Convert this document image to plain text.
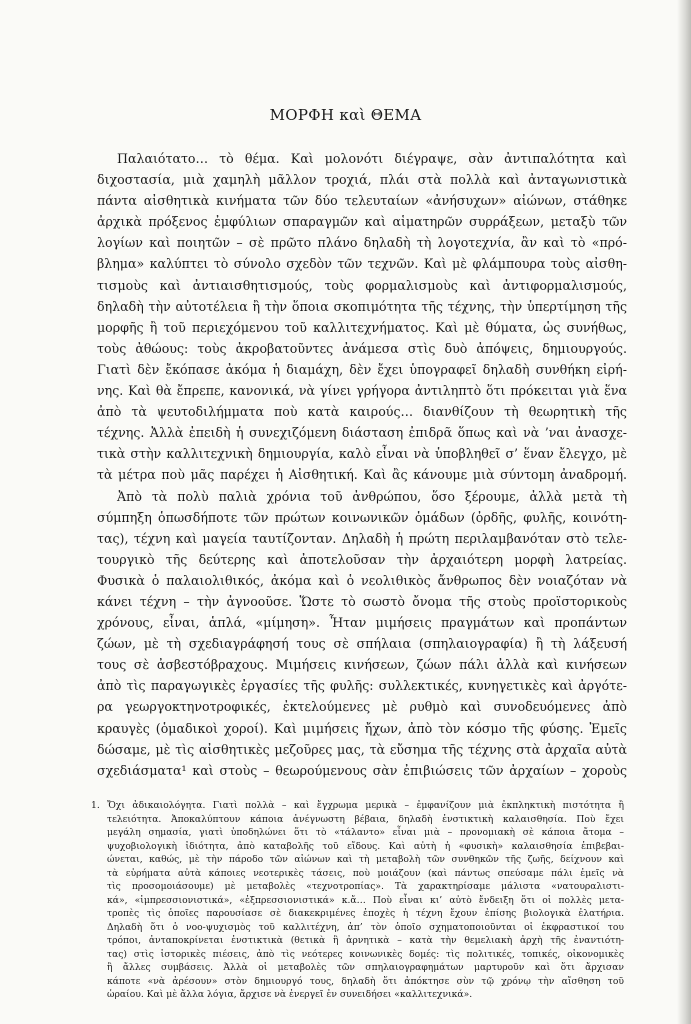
ΜΟΡΦΗ καὶ ΘΕΜΑ
Παλαιότατο… τὸ θέμα. Καὶ μολονότι διέγραψε, σὰν ἀντιπαλότητα καὶ
διχοστασία, μιὰ χαμηλὴ μᾶλλον τροχιά, πλάι στὰ πολλὰ καὶ ἀνταγωνιστικὰ
πάντα αἰσθητικὰ κινήματα τῶν δύο τελευταίων «ἀνήσυχων» αἰώνων, στάθηκε
ἀρχικὰ πρόξενος ἐμφύλιων σπαραγμῶν καὶ αἱματηρῶν συρράξεων, μεταξὺ τῶν
λογίων καὶ ποιητῶν – σὲ πρῶτο πλάνο δηλαδὴ τὴ λογοτεχνία, ἂν καὶ τὸ «πρό-
βλημα» καλύπτει τὸ σύνολο σχεδὸν τῶν τεχνῶν. Καὶ μὲ φλάμπουρα τοὺς αἰσθη-
τισμοὺς καὶ ἀντιαισθητισμούς, τοὺς φορμαλισμοὺς καὶ ἀντιφορμαλισμούς,
δηλαδὴ τὴν αὐτοτέλεια ἢ τὴν ὅποια σκοπιμότητα τῆς τέχνης, τὴν ὑπερτίμηση τῆς
μορφῆς ἢ τοῦ περιεχόμενου τοῦ καλλιτεχνήματος. Καὶ μὲ θύματα, ὡς συνήθως,
τοὺς ἀθώους: τοὺς ἀκροβατοῦντες ἀνάμεσα στὶς δυὸ ἀπόψεις, δημιουργούς.
Γιατὶ δὲν ἔκόπασε ἀκόμα ἡ διαμάχη, δὲν ἔχει ὑπογραφεῖ δηλαδὴ συνθήκη εἰρή-
νης. Καὶ θὰ ἔπρεπε, κανονικά, νὰ γίνει γρήγορα ἀντιληπτὸ ὅτι πρόκειται γιὰ ἕνα
ἀπὸ τὰ ψευτοδιλήμματα ποὺ κατὰ καιρούς… διανθίζουν τὴ θεωρητικὴ τῆς
τέχνης. Ἀλλὰ ἐπειδὴ ἡ συνεχιζόμενη διάσταση ἐπιδρᾶ ὅπως καὶ νὰ ’ναι ἀνασχε-
τικὰ στὴν καλλιτεχνικὴ δημιουργία, καλὸ εἶναι νὰ ὑποβληθεῖ σ’ ἕναν ἔλεγχο, μὲ
τὰ μέτρα ποὺ μᾶς παρέχει ἡ Αἰσθητική. Καὶ ἂς κάνουμε μιὰ σύντομη ἀναδρομή.
Ἀπὸ τὰ πολὺ παλιὰ χρόνια τοῦ ἀνθρώπου, ὅσο ξέρουμε, ἀλλὰ μετὰ τὴ
σύμπηξη ὁπωσδήποτε τῶν πρώτων κοινωνικῶν ὁμάδων (ὀρδῆς, φυλῆς, κοινότη-
τας), τέχνη καὶ μαγεία ταυτίζονταν. Δηλαδὴ ἡ πρώτη περιλαμβανόταν στὸ τελε-
τουργικὸ τῆς δεύτερης καὶ ἀποτελοῦσαν τὴν ἀρχαιότερη μορφὴ λατρείας.
Φυσικὰ ὁ παλαιολιθικός, ἀκόμα καὶ ὁ νεολιθικὸς ἄνθρωπος δὲν νοιαζόταν νὰ
κάνει τέχνη – τὴν ἀγνοοῦσε. Ὥστε τὸ σωστὸ ὄνομα τῆς στοὺς προϊστορικοὺς
χρόνους, εἶναι, ἁπλά, «μίμηση». Ἦταν μιμήσεις πραγμάτων καὶ προπάντων
ζώων, μὲ τὴ σχεδιαγράφησή τους σὲ σπήλαια (σπηλαιογραφία) ἢ τὴ λάξευσή
τους σὲ ἀσβεστόβραχους. Μιμήσεις κινήσεων, ζώων πάλι ἀλλὰ καὶ κινήσεων
ἀπὸ τὶς παραγωγικὲς ἐργασίες τῆς φυλῆς: συλλεκτικές, κυνηγετικὲς καὶ ἀργότε-
ρα γεωργοκτηνοτροφικές, ἐκτελούμενες μὲ ρυθμὸ καὶ συνοδευόμενες ἀπὸ
κραυγὲς (ὁμαδικοὶ χοροί). Καὶ μιμήσεις ἤχων, ἀπὸ τὸν κόσμο τῆς φύσης. Ἐμεῖς
δώσαμε, μὲ τὶς αἰσθητικὲς μεζοῦρες μας, τὰ εὔσημα τῆς τέχνης στὰ ἀρχαῖα αὐτὰ
σχεδιάσματα¹ καὶ στοὺς – θεωρούμενους σὰν ἐπιβιώσεις τῶν ἀρχαίων – χοροὺς
1. Ὄχι ἀδικαιολόγητα. Γιατὶ πολλὰ – καὶ ἔγχρωμα μερικὰ – ἐμφανίζουν μιὰ ἐκπληκτικὴ πιστότητα ἢ
τελειότητα. Ἀποκαλύπτουν κάποια ἀνέγνωστη βέβαια, δηλαδὴ ἐνστικτικὴ καλαισθησία. Ποὺ ἔχει
μεγάλη σημασία, γιατὶ ὑποδηλώνει ὅτι τὸ «τάλαντο» εἶναι μιὰ – προνομιακὴ σὲ κάποια ἄτομα –
ψυχοβιολογικὴ ἰδιότητα, ἀπὸ καταβολῆς τοῦ εἴδους. Καὶ αὐτὴ ἡ «φυσικὴ» καλαισθησία ἐπιβεβαι-
ώνεται, καθώς, μὲ τὴν πάροδο τῶν αἰώνων καὶ τὴ μεταβολὴ τῶν συνθηκῶν τῆς ζωῆς, δείχνουν καὶ
τὰ εὑρήματα αὐτὰ κάποιες νεοτερικὲς τάσεις, ποὺ μοιάζουν (καὶ πάντως σπεύσαμε πάλι ἐμεῖς νὰ
τὶς προσομοιάσουμε) μὲ μεταβολὲς «τεχνοτροπίας». Τὰ χαρακτηρίσαμε μάλιστα «νατουραλιστι-
κά», «ἰμπρεσσιονιστικά», «ἐξπρεσσιονιστικά» κ.ἄ… Ποὺ εἶναι κι’ αὐτὸ ἔνδειξη ὅτι οἱ πολλὲς μετα-
τροπὲς τὶς ὁποῖες παρουσίασε σὲ διακεκριμένες ἐποχὲς ἡ τέχνη ἔχουν ἐπίσης βιολογικὰ ἐλατήρια.
Δηλαδὴ ὅτι ὁ νοο-ψυχισμὸς τοῦ καλλιτέχνη, ἀπ’ τὸν ὁποῖο σχηματοποιοῦνται οἱ ἐκφραστικοί του
τρόποι, ἀνταποκρίνεται ἐνστικτικὰ (θετικὰ ἢ ἀρνητικὰ – κατὰ τὴν θεμελιακὴ ἀρχὴ τῆς ἐναντιότη-
τας) στὶς ἱστορικὲς πιέσεις, ἀπὸ τὶς νεότερες κοινωνικὲς δομές: τὶς πολιτικές, τοπικές, οἰκονομικὲς
ἢ ἄλλες συμβάσεις. Ἀλλὰ οἱ μεταβολὲς τῶν σπηλαιογραφημάτων μαρτυροῦν καὶ ὅτι ἄρχισαν
κάποτε «νὰ ἀρέσουν» στὸν δημιουργό τους, δηλαδὴ ὅτι ἀπόκτησε σὺν τῷ χρόνῳ τὴν αἴσθηση τοῦ
ὡραίου. Καὶ μὲ ἄλλα λόγια, ἄρχισε νὰ ἐνεργεῖ ἐν συνειδήσει «καλλιτεχνικά».
